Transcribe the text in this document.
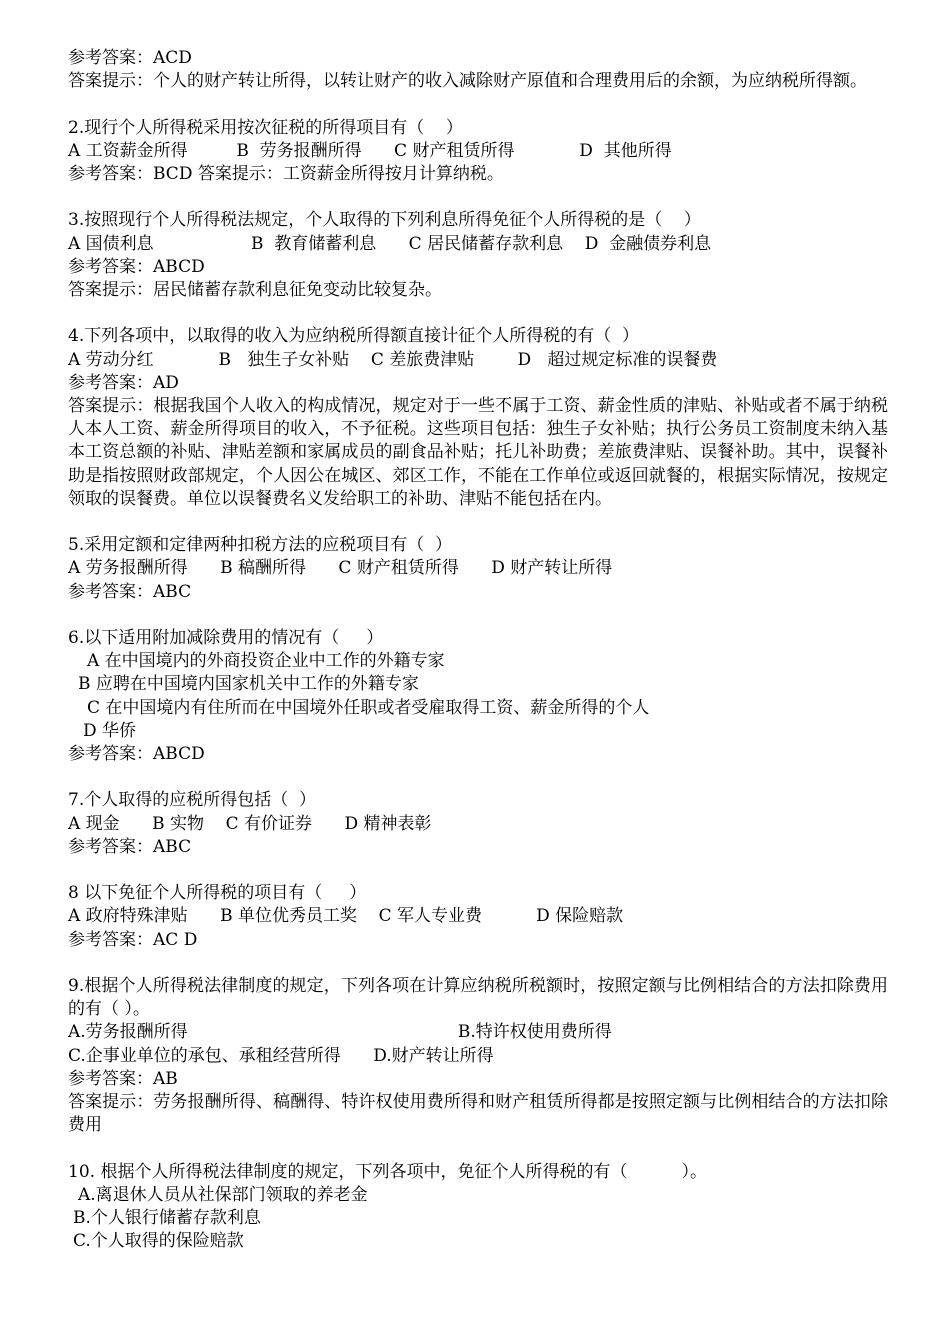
参考答案：ACD

答案提示：个人的财产转让所得，以转让财产的收入减除财产原值和合理费用后的余额，为应纳税所得额。

2.现行个人所得税采用按次征税的所得项目有（    ）

A 工资薪金所得         B  劳务报酬所得      C 财产租赁所得            D  其他所得

参考答案：BCD 答案提示：工资薪金所得按月计算纳税。

3.按照现行个人所得税法规定，个人取得的下列利息所得免征个人所得税的是（    ）

A 国债利息                  B  教育储蓄利息      C 居民储蓄存款利息    D  金融债券利息

参考答案：ABCD

答案提示：居民储蓄存款利息征免变动比较复杂。

4.下列各项中，以取得的收入为应纳税所得额直接计征个人所得税的有（  ）

A 劳动分红            B   独生子女补贴    C 差旅费津贴        D   超过规定标准的误餐费

参考答案：AD

答案提示：根据我国个人收入的构成情况，规定对于一些不属于工资、薪金性质的津贴、补贴或者不属于纳税人本人工资、薪金所得项目的收入，不予征税。这些项目包括：独生子女补贴；执行公务员工资制度未纳入基本工资总额的补贴、津贴差额和家属成员的副食品补贴；托儿补助费；差旅费津贴、误餐补助。其中，误餐补助是指按照财政部规定，个人因公在城区、郊区工作，不能在工作单位或返回就餐的，根据实际情况，按规定领取的误餐费。单位以误餐费名义发给职工的补助、津贴不能包括在内。

5.采用定额和定律两种扣税方法的应税项目有（  ）

A 劳务报酬所得      B 稿酬所得      C 财产租赁所得      D 财产转让所得

参考答案：ABC

6.以下适用附加减除费用的情况有（     ）

A 在中国境内的外商投资企业中工作的外籍专家

B 应聘在中国境内国家机关中工作的外籍专家

C 在中国境内有住所而在中国境外任职或者受雇取得工资、薪金所得的个人

D 华侨

参考答案：ABCD

7.个人取得的应税所得包括（  ）

A 现金      B 实物    C 有价证券      D 精神表彰

参考答案：ABC

8 以下免征个人所得税的项目有（     ）

A 政府特殊津贴      B 单位优秀员工奖    C 军人专业费          D 保险赔款

参考答案：AC D

9.根据个人所得税法律制度的规定，下列各项在计算应纳税所税额时，按照定额与比例相结合的方法扣除费用的有（ ）。

A.劳务报酬所得                                                  B.特许权使用费所得

C.企事业单位的承包、承租经营所得      D.财产转让所得

参考答案：AB

答案提示：劳务报酬所得、稿酬得、特许权使用费所得和财产租赁所得都是按照定额与比例相结合的方法扣除费用

10. 根据个人所得税法律制度的规定，下列各项中，免征个人所得税的有（          ）。

A.离退休人员从社保部门领取的养老金

B.个人银行储蓄存款利息

C.个人取得的保险赔款
